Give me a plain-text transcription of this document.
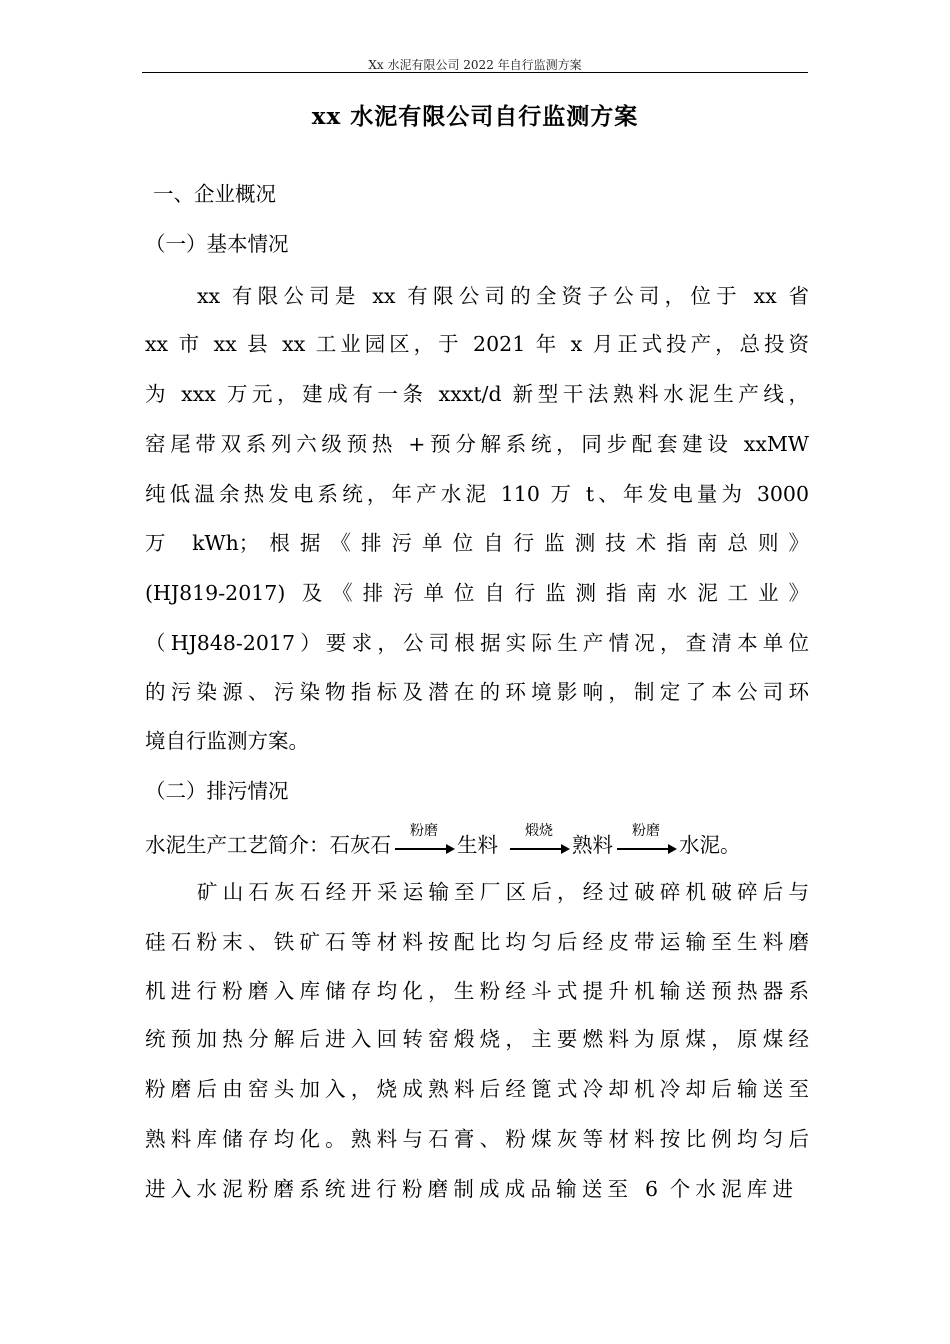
Xx 水泥有限公司 2022 年自行监测方案
xx 水泥有限公司自行监测方案
一、企业概况
（一）基本情况
xx 有限公司是 xx 有限公司的全资子公司，位于 xx 省
xx 市 xx 县 xx 工业园区，于 2021 年 x 月正式投产，总投资
为 xxx 万元，建成有一条 xxxt/d 新型干法熟料水泥生产线，
窑尾带双系列六级预热 +预分解系统，同步配套建设 xxMW
纯低温余热发电系统，年产水泥 110 万 t、年发电量为 3000
万 kWh；根据《排污单位自行监测技术指南总则》
(HJ819-2017) 及《排污单位自行监测指南水泥工业》
（HJ848-2017）要求，公司根据实际生产情况，查清本单位
的污染源、污染物指标及潜在的环境影响，制定了本公司环
境自行监测方案。
（二）排污情况
水泥生产工艺简介：石灰石
粉磨
生料
煅烧
熟料
粉磨
水泥。
矿山石灰石经开采运输至厂区后，经过破碎机破碎后与
硅石粉末、铁矿石等材料按配比均匀后经皮带运输至生料磨
机进行粉磨入库储存均化，生粉经斗式提升机输送预热器系
统预加热分解后进入回转窑煅烧，主要燃料为原煤，原煤经
粉磨后由窑头加入，烧成熟料后经篦式冷却机冷却后输送至
熟料库储存均化。熟料与石膏、粉煤灰等材料按比例均匀后
进入水泥粉磨系统进行粉磨制成成品输送至 6 个水泥库进
